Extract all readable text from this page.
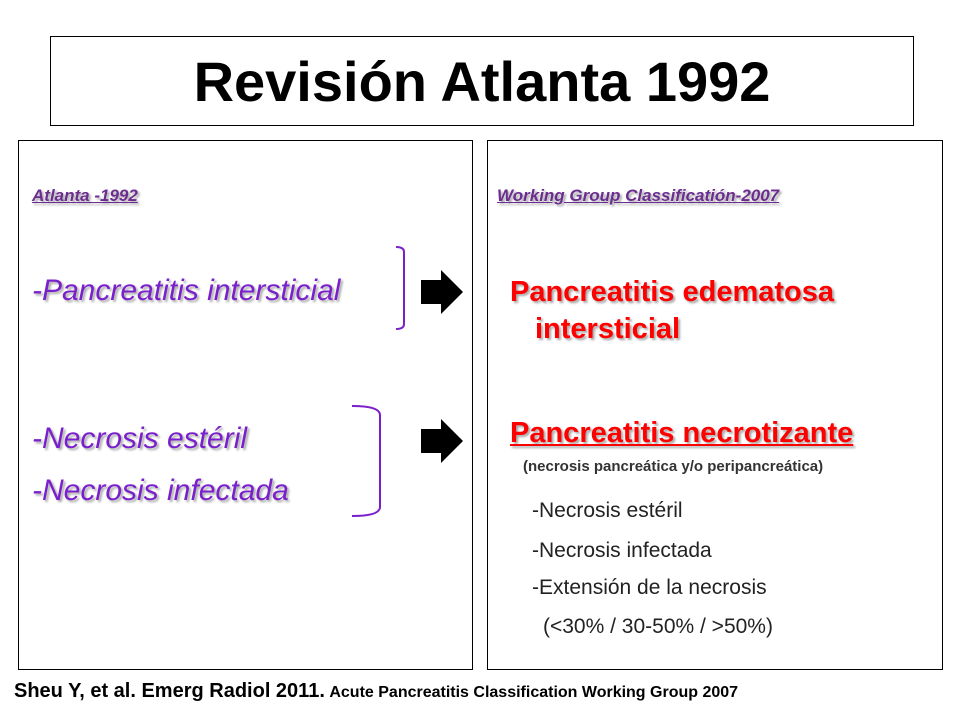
Revisión Atlanta 1992
Atlanta -1992
-Pancreatitis intersticial
-Necrosis estéril
-Necrosis infectada
Working Group Classificatión-2007
Pancreatitis edematosa
intersticial
Pancreatitis necrotizante
(necrosis pancreática y/o peripancreática)
-Necrosis estéril
-Necrosis infectada
-Extensión de la necrosis
(<30% / 30-50% / >50%)
Sheu Y, et al. Emerg Radiol 2011. Acute Pancreatitis Classification Working Group 2007
